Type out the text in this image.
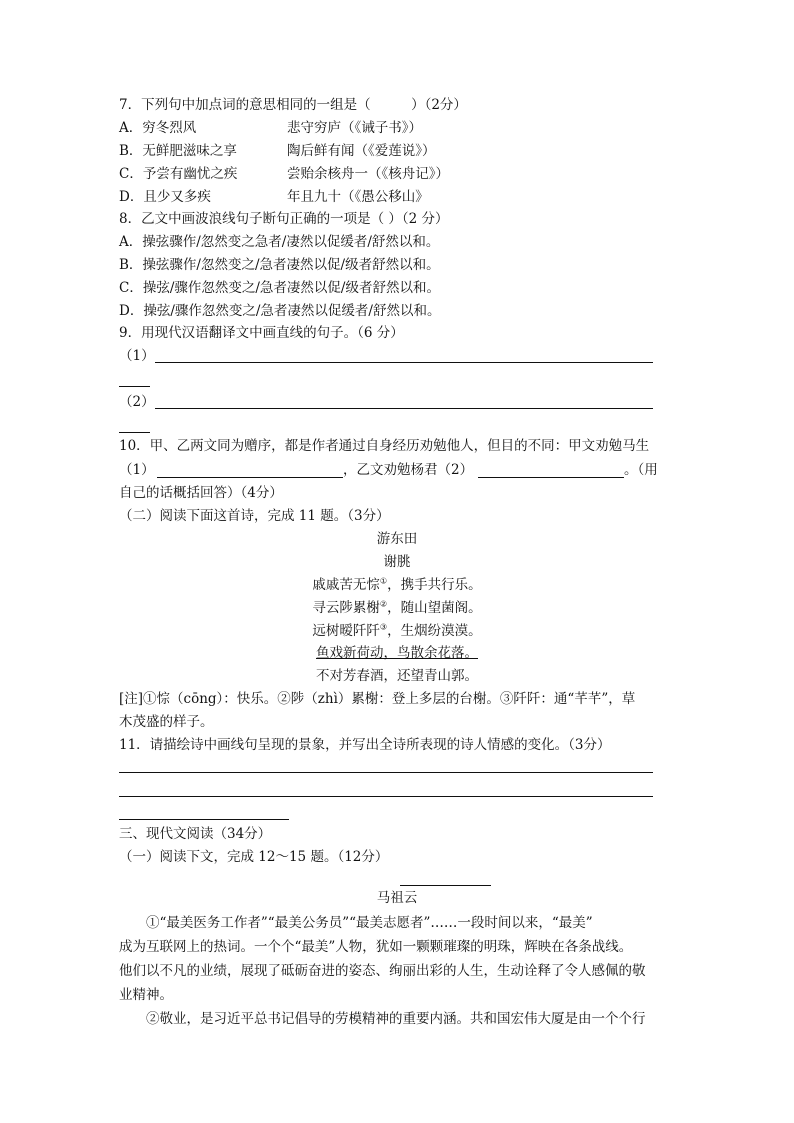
7．下列句中加点词的意思相同的一组是（　　　）（2分）
A．穷冬烈风	悲守穷庐（《诫子书》）
B．无鲜肥滋味之享	陶后鲜有闻（《爱莲说》）
C．予尝有幽忧之疾	尝贻余核舟一（《核舟记》）
D．且少又多疾	年且九十（《愚公移山》
8．乙文中画波浪线句子断句正确的一项是（ ）（2 分）
A．操弦骤作/忽然变之急者/凄然以促缓者/舒然以和。
B．操弦骤作/忽然变之/急者凄然以促/级者舒然以和。
C．操弦/骤作忽然变之/急者凄然以促/级者舒然以和。
D．操弦/骤作忽然变之/急者凄然以促缓者/舒然以和。
9．用现代汉语翻译文中画直线的句子。（6 分）
（1）
（2）
10．甲、乙两文同为赠序，都是作者通过自身经历劝勉他人，但目的不同：甲文劝勉马生
（1）	，乙文劝勉杨君（2）	。（用
自己的话概括回答）（4分）
（二）阅读下面这首诗，完成 11 题。（3分）
游东田
谢朓
戚戚苦无悰①，携手共行乐。
寻云陟累榭②，随山望菌阁。
远树暧阡阡③，生烟纷漠漠。
鱼戏新荷动，鸟散余花落。
不对芳春酒，还望青山郭。
[注]①悰（cōng）：快乐。②陟（zhì）累榭：登上多层的台榭。③阡阡：通“芊芊”，草
木茂盛的样子。
11．请描绘诗中画线句呈现的景象，并写出全诗所表现的诗人情感的变化。（3分）
三、现代文阅读（34分）
（一）阅读下文，完成 12～15 题。（12分）
马祖云
①“最美医务工作者”“最美公务员”“最美志愿者”……一段时间以来，“最美”
成为互联网上的热词。一个个“最美”人物，犹如一颗颗璀璨的明珠，辉映在各条战线。
他们以不凡的业绩，展现了砥砺奋进的姿态、绚丽出彩的人生，生动诠释了令人感佩的敬
业精神。
②敬业，是习近平总书记倡导的劳模精神的重要内涵。共和国宏伟大厦是由一个个行
